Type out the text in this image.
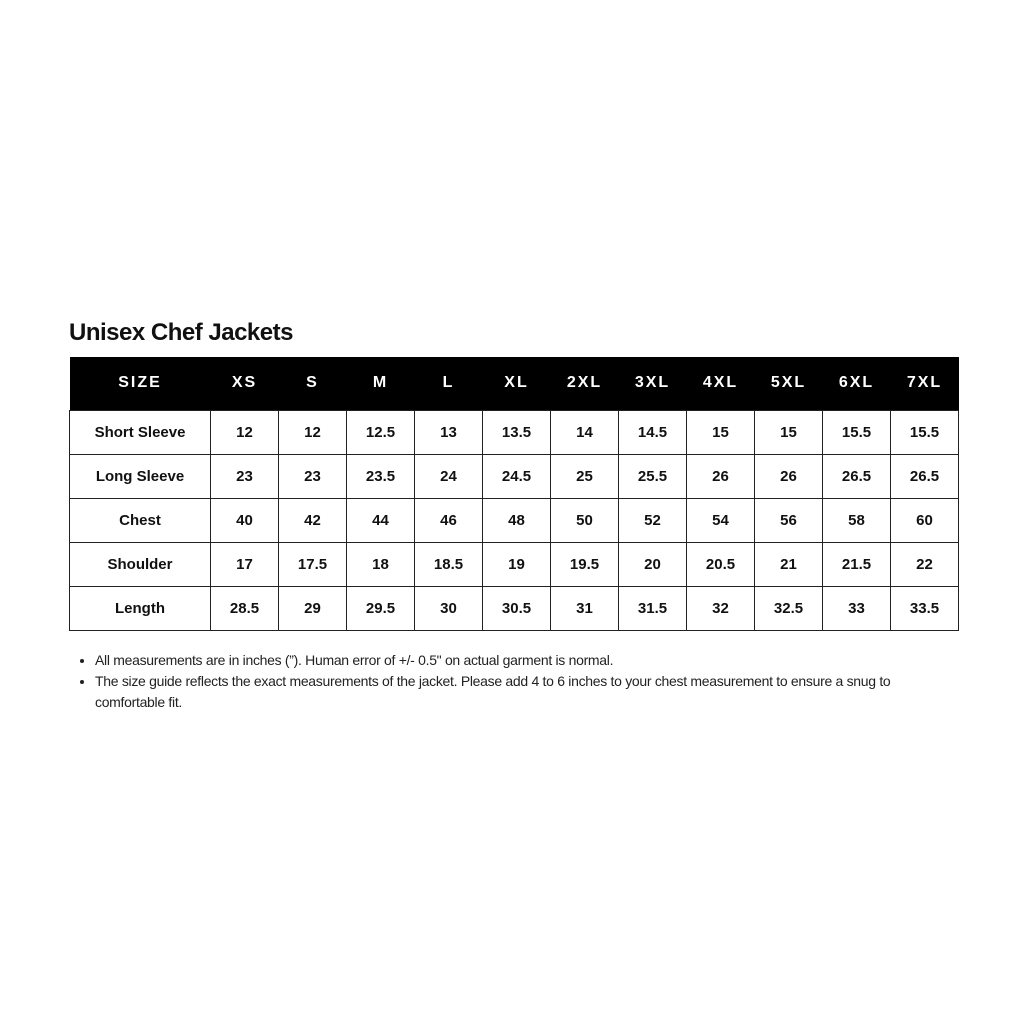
Unisex Chef Jackets
SIZE	XS	S	M	L	XL	2XL	3XL	4XL	5XL	6XL	7XL
Short Sleeve	12	12	12.5	13	13.5	14	14.5	15	15	15.5	15.5
Long Sleeve	23	23	23.5	24	24.5	25	25.5	26	26	26.5	26.5
Chest	40	42	44	46	48	50	52	54	56	58	60
Shoulder	17	17.5	18	18.5	19	19.5	20	20.5	21	21.5	22
Length	28.5	29	29.5	30	30.5	31	31.5	32	32.5	33	33.5
• All measurements are in inches (”). Human error of +/- 0.5" on actual garment is normal.
• The size guide reflects the exact measurements of the jacket. Please add 4 to 6 inches to your chest measurement to ensure a snug to comfortable fit.
